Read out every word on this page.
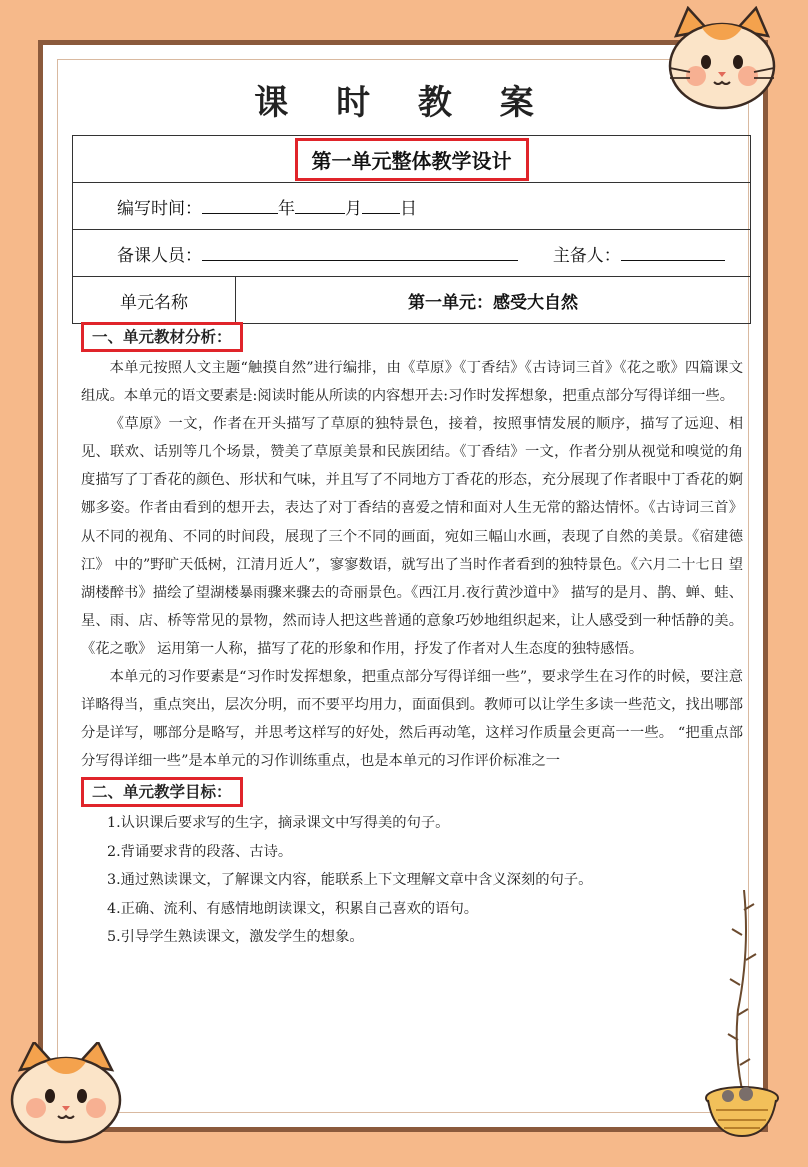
课 时 教 案
第一单元整体教学设计
编写时间：	年	月 日
备课人员：	主备人：
单元名称	第一单元：感受大自然
一、单元教材分析：

本单元按照人文主题“触摸自然”进行编排，由《草原》《丁香结》《古诗词三首》《花之歌》四篇课文组成。本单元的语文要素是:阅读时能从所读的内容想开去:习作时发挥想象，把重点部分写得详细一些。

《草原》一文，作者在开头描写了草原的独特景色，接着，按照事情发展的顺序，描写了远迎、相见、联欢、话别等几个场景，赞美了草原美景和民族团结。《丁香结》一文，作者分别从视觉和嗅觉的角度描写了丁香花的颜色、形状和气味，并且写了不同地方丁香花的形态，充分展现了作者眼中丁香花的婀娜多姿。作者由看到的想开去，表达了对丁香结的喜爱之情和面对人生无常的豁达情怀。《古诗词三首》从不同的视角、不同的时间段，展现了三个不同的画面，宛如三幅山水画，表现了自然的美景。《宿建德江》 中的”野旷天低树，江清月近人”，寥寥数语，就写出了当时作者看到的独特景色。《六月二十七日 望湖楼醉书》描绘了望湖楼暴雨骤来骤去的奇丽景色。《西江月.夜行黄沙道中》 描写的是月、鹊、蝉、蛙、星、雨、店、桥等常见的景物，然而诗人把这些普通的意象巧妙地组织起来，让人感受到一种恬静的美。《花之歌》 运用第一人称，描写了花的形象和作用，抒发了作者对人生态度的独特感悟。

本单元的习作要素是“习作时发挥想象，把重点部分写得详细一些”，要求学生在习作的时候，要注意详略得当，重点突出，层次分明，而不要平均用力，面面俱到。教师可以让学生多读一些范文，找出哪部分是详写，哪部分是略写，并思考这样写的好处，然后再动笔，这样习作质量会更高一一些。 “把重点部分写得详细一些”是本单元的习作训练重点，也是本单元的习作评价标准之一

二、单元教学目标：
1.认识课后要求写的生字，摘录课文中写得美的句子。
2.背诵要求背的段落、古诗。
3.通过熟读课文，了解课文内容，能联系上下文理解文章中含义深刻的句子。
4.正确、流利、有感情地朗读课文，积累自己喜欢的语句。
5.引导学生熟读课文，激发学生的想象。
